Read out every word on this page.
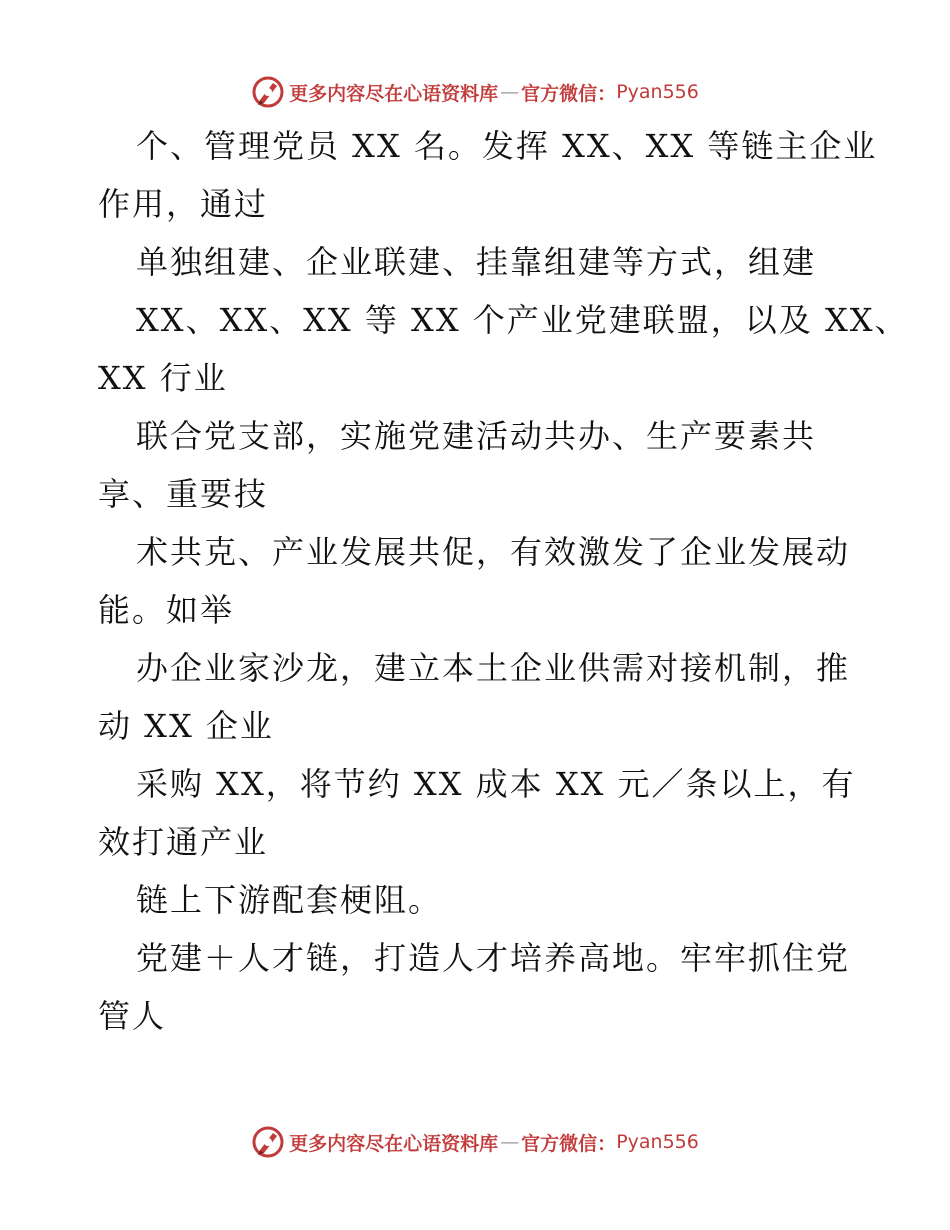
更多内容尽在心语资料库 — 官方微信： Pyan556
个、管理党员 XX 名。发挥 XX、XX 等链主企业
作用，通过
单独组建、企业联建、挂靠组建等方式，组建
XX、XX、XX 等 XX 个产业党建联盟，以及 XX、
XX 行业
联合党支部，实施党建活动共办、生产要素共
享、重要技
术共克、产业发展共促，有效激发了企业发展动
能。如举
办企业家沙龙，建立本土企业供需对接机制，推
动 XX 企业
采购 XX，将节约 XX 成本 XX 元／条以上，有
效打通产业
链上下游配套梗阻。
党建＋人才链，打造人才培养高地。牢牢抓住党
管人
更多内容尽在心语资料库 — 官方微信： Pyan556
